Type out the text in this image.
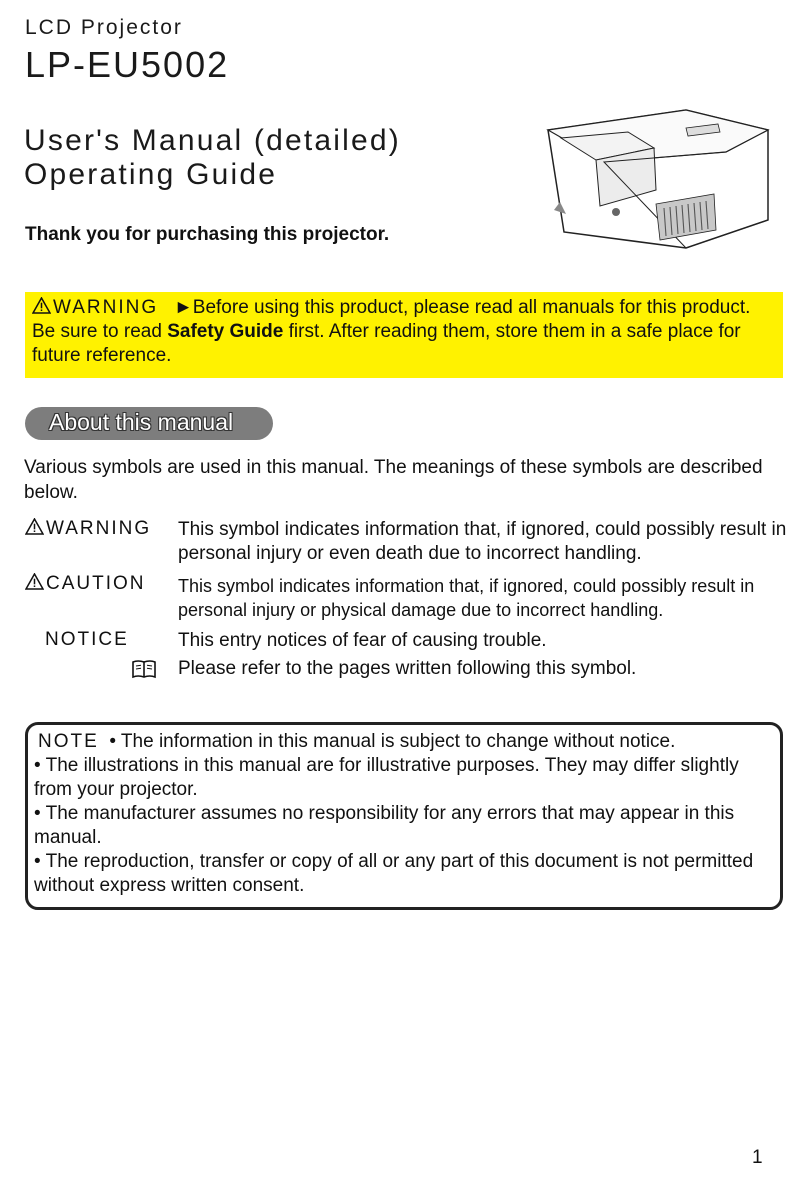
LCD Projector
LP-EU5002
User's Manual (detailed)
Operating Guide
Thank you for purchasing this projector.
WARNING ►Before using this product, please read all manuals for this product. Be sure to read Safety Guide first. After reading them, store them in a safe place for future reference.
About this manual
Various symbols are used in this manual. The meanings of these symbols are described below.
WARNING This symbol indicates information that, if ignored, could possibly result in personal injury or even death due to incorrect handling.
CAUTION This symbol indicates information that, if ignored, could possibly result in personal injury or physical damage due to incorrect handling.
NOTICE	This entry notices of fear of causing trouble.
Please refer to the pages written following this symbol.
NOTE • The information in this manual is subject to change without notice.
• The illustrations in this manual are for illustrative purposes. They may differ slightly from your projector.
• The manufacturer assumes no responsibility for any errors that may appear in this manual.
• The reproduction, transfer or copy of all or any part of this document is not permitted without express written consent.
1
